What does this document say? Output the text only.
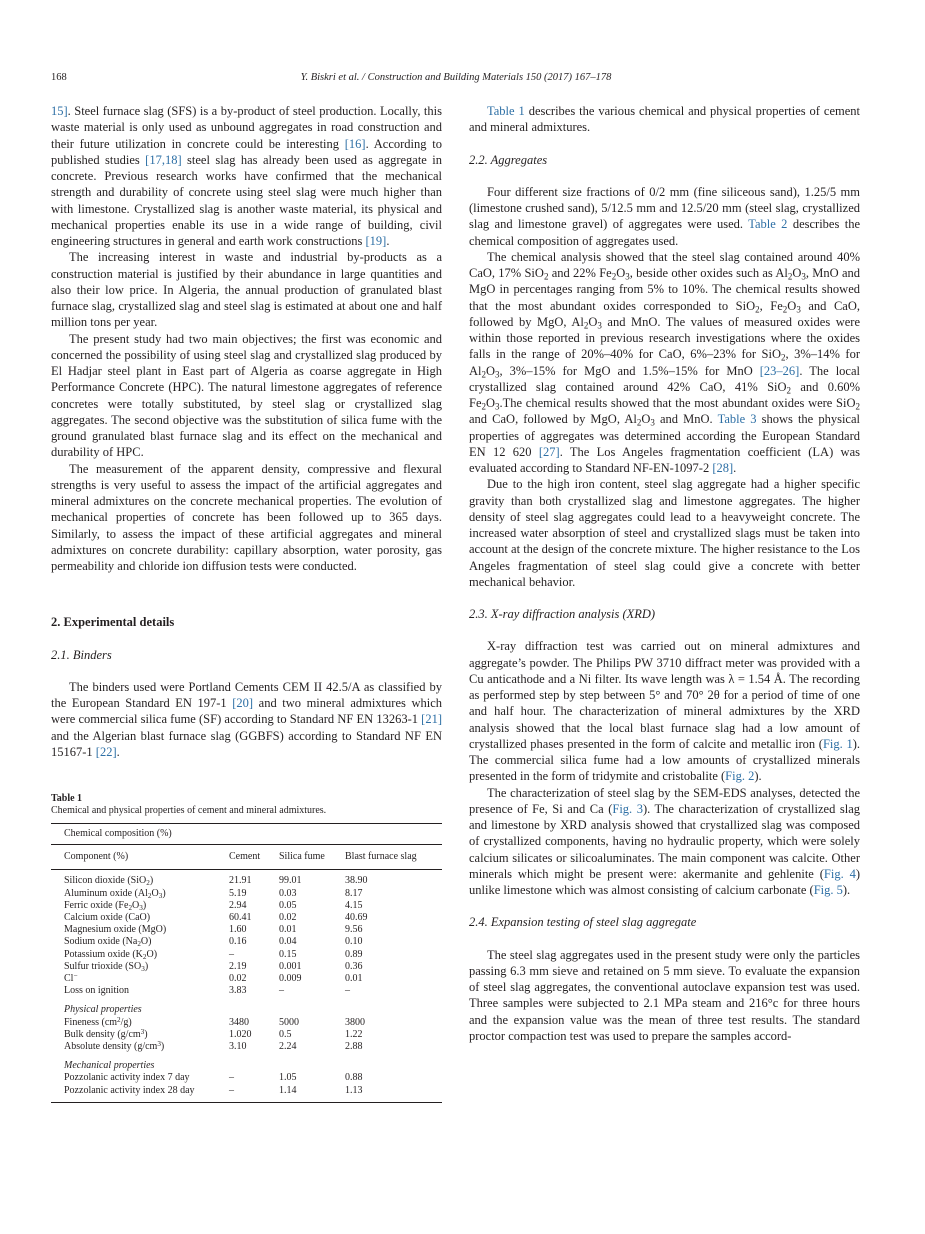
168	Y. Biskri et al. / Construction and Building Materials 150 (2017) 167–178

15]. Steel furnace slag (SFS) is a by-product of steel production. Locally, this waste material is only used as unbound aggregates in road construction and their future utilization in concrete could be interesting [16]. According to published studies [17,18] steel slag has already been used as aggregate in concrete. Previous research works have confirmed that the mechanical strength and durability of concrete using steel slag were much higher than with limestone. Crystallized slag is another waste material, its physical and mechanical properties enable its use in a wide range of building, civil engineering structures in general and earth work constructions [19].

The increasing interest in waste and industrial by-products as a construction material is justified by their abundance in large quantities and also their low price. In Algeria, the annual production of granulated blast furnace slag, crystallized slag and steel slag is estimated at about one and half million tons per year.

The present study had two main objectives; the first was economic and concerned the possibility of using steel slag and crystallized slag produced by El Hadjar steel plant in East part of Algeria as coarse aggregate in High Performance Concrete (HPC). The natural limestone aggregates of reference concretes were totally substituted, by steel slag or crystallized slag aggregates. The second objective was the substitution of silica fume with the ground granulated blast furnace slag and its effect on the mechanical and durability of HPC.

The measurement of the apparent density, compressive and flexural strengths is very useful to assess the impact of the artificial aggregates and mineral admixtures on the concrete mechanical properties. The evolution of mechanical properties of concrete has been followed up to 365 days. Similarly, to assess the impact of these artificial aggregates and mineral admixtures on concrete durability: capillary absorption, water porosity, gas permeability and chloride ion diffusion tests were conducted.

2. Experimental details
2.1. Binders

The binders used were Portland Cements CEM II 42.5/A as classified by the European Standard EN 197-1 [20] and two mineral admixtures which were commercial silica fume (SF) according to Standard NF EN 13263-1 [21] and the Algerian blast furnace slag (GGBFS) according to Standard NF EN 15167-1 [22].

Table 1
Chemical and physical properties of cement and mineral admixtures.
Chemical composition (%)			
Component (%)	Cement	Silica fume	Blast furnace slag
Silicon dioxide (SiO$_2$)	21.91	99.01	38.90
Aluminum oxide $(Al_2O_3)$	5.19	0.03	8.17
Ferric oxide $(Fe_2O_3)$	2.94	0.05	4.15
Calcium oxide (CaO)	60.41	0.02	40.69
Magnesium oxide (MgO)	1.60	0.01	9.56
Sodium oxide $(Na_2O)$	0.16	0.04	0.10
Potassium oxide $(K_2O)$	–	0.15	0.89
Sulfur trioxide $(SO_3)$	2.19	0.001	0.36
Cl−	0.02	0.009	0.01
Loss on ignition	3.83	–	–
Physical properties			
Fineness $(cm^2/g)$	3480	5000	3800
Bulk density $(g/cm^3)$	1.020	0.5	1.22
Absolute density $(g/cm^3)$	3.10	2.24	2.88
Mechanical properties			
Pozzolanic activity index 7 day	–	1.05	0.88
Pozzolanic activity index 28 day	–	1.14	1.13

Table 1 describes the various chemical and physical properties of cement and mineral admixtures.

2.2. Aggregates

Four different size fractions of 0/2 mm (fine siliceous sand), 1.25/5 mm (limestone crushed sand), 5/12.5 mm and 12.5/20 mm (steel slag, crystallized slag and limestone gravel) of aggregates were used. Table 2 describes the chemical composition of aggregates used.

The chemical analysis showed that the steel slag contained around 40% CaO, 17% SiO$_2$ and 22% $Fe_2O_3$, beside other oxides such as $Al_2O_3$, MnO and MgO in percentages ranging from 5% to 10%. The chemical results showed that the most abundant oxides corresponded to SiO$_2$, $Fe_2O_3$ and CaO, followed by MgO, $Al_2O_3$ and MnO. The values of measured oxides were within those reported in previous research investigations where the oxides falls in the range of 20%–40% for CaO, 6%–23% for SiO$_2$, 3%–14% for $Al_2O_3$, 3%–15% for MgO and 1.5%–15% for MnO [23–26]. The local crystallized slag contained around 42% CaO, 41% SiO$_2$ and 0.60% $Fe_2O_3.The$ chemical results showed that the most abundant oxides were SiO$_2$ and CaO, followed by MgO, $Al_2O_3$ and MnO. Table 3 shows the physical properties of aggregates was determined according the European Standard EN 12 620 [27]. The Los Angeles fragmentation coefficient (LA) was evaluated according to Standard NF-EN-1097-2 [28].

Due to the high iron content, steel slag aggregate had a higher specific gravity than both crystallized slag and limestone aggregates. The higher density of steel slag aggregates could lead to a heavyweight concrete. The increased water absorption of steel and crystallized slags must be taken into account at the design of the concrete mixture. The higher resistance to the Los Angeles fragmentation of steel slag could give a concrete with better mechanical behavior.

2.3. X-ray diffraction analysis (XRD)

X-ray diffraction test was carried out on mineral admixtures and aggregate’s powder. The Philips PW 3710 diffract meter was provided with a Cu anticathode and a Ni filter. Its wave length was λ = 1.54 Å. The recording as performed step by step between 5° and 70° 2θ for a period of time of one and half hour. The characterization of mineral admixtures by the XRD analysis showed that the local blast furnace slag had a low amount of crystallized phases presented in the form of calcite and metallic iron (Fig. 1). The commercial silica fume had a low amounts of crystallized minerals presented in the form of tridymite and cristobalite (Fig. 2).

The characterization of steel slag by the SEM-EDS analyses, detected the presence of Fe, Si and Ca (Fig. 3). The characterization of crystallized slag and limestone by XRD analysis showed that crystallized slag was composed of crystallized components, having no hydraulic property, which were solely calcium silicates or silicoaluminates. The main component was calcite. Other minerals which might be present were: akermanite and gehlenite (Fig. 4) unlike limestone which was almost consisting of calcium carbonate (Fig. 5).

2.4. Expansion testing of steel slag aggregate

The steel slag aggregates used in the present study were only the particles passing 6.3 mm sieve and retained on 5 mm sieve. To evaluate the expansion of steel slag aggregates, the conventional autoclave expansion test was used. Three samples were subjected to 2.1 MPa steam and 216°c for three hours and the expansion value was the mean of three test results. The standard proctor compaction test was used to prepare the samples accord-
